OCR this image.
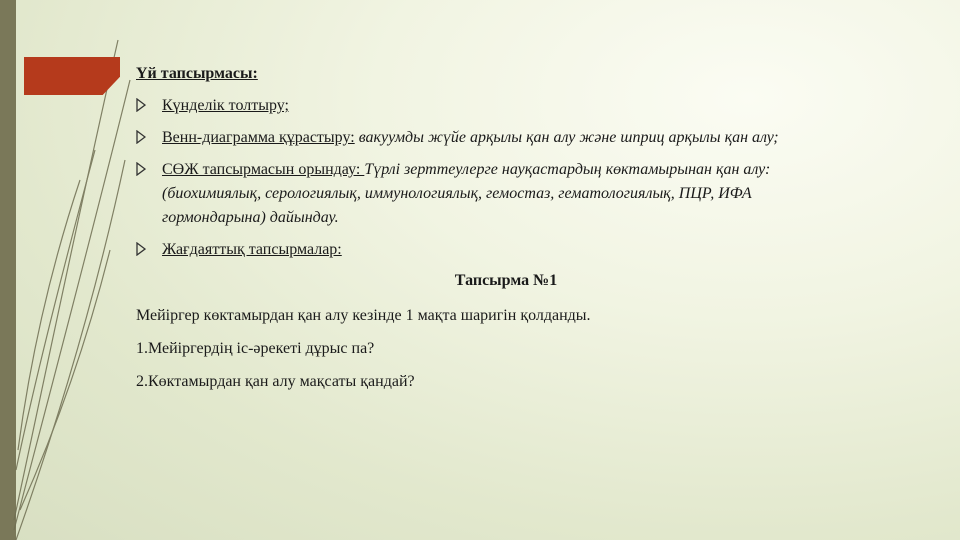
Үй тапсырмасы:
Күнделік толтыру;
Венн-диаграмма құрастыру: вакуумды жүйе арқылы қан алу және шприц арқылы қан алу;
СӨЖ тапсырмасын орындау: Түрлі зерттеулерге науқастардың көктамырынан қан алу: (биохимиялық, серологиялық, иммунологиялық, гемостаз, гематологиялық, ПЦР, ИФА гормондарына) дайындау.
Жағдаяттық тапсырмалар:
Тапсырма №1
Мейіргер көктамырдан қан алу кезінде 1 мақта шаригін қолданды.
1.Мейіргердің іс-әрекеті дұрыс па?
2.Көктамырдан қан алу мақсаты қандай?
